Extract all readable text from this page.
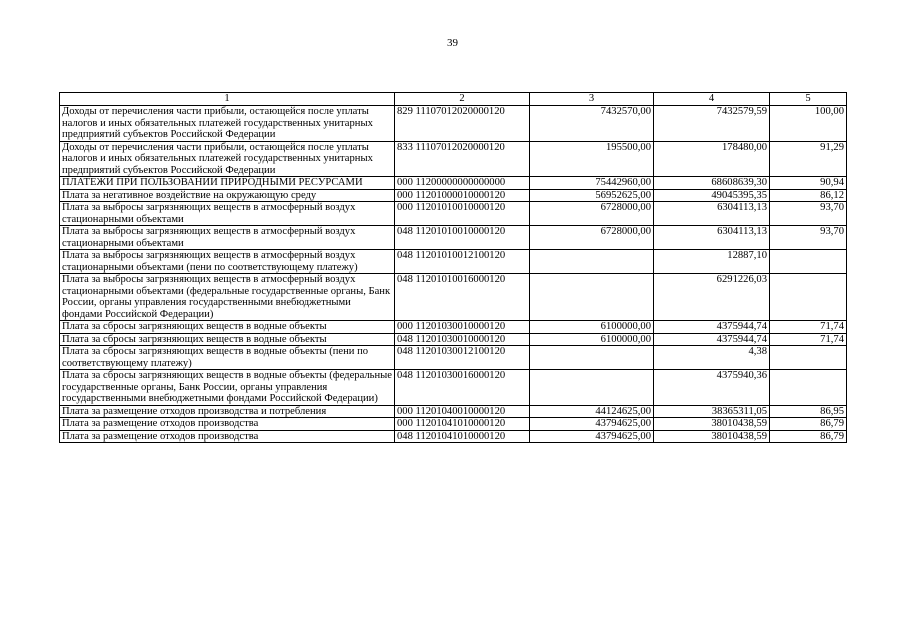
39
1	2	3	4	5
Доходы от перечисления части прибыли, остающейся после уплаты налогов и иных обязательных платежей государственных унитарных предприятий субъектов Российской Федерации	829 11107012020000120	7432570,00	7432579,59	100,00
Доходы от перечисления части прибыли, остающейся после уплаты налогов и иных обязательных платежей государственных унитарных предприятий субъектов Российской Федерации	833 11107012020000120	195500,00	178480,00	91,29
ПЛАТЕЖИ ПРИ ПОЛЬЗОВАНИИ ПРИРОДНЫМИ РЕСУРСАМИ	000 11200000000000000	75442960,00	68608639,30	90,94
Плата за негативное воздействие на окружающую среду	000 11201000010000120	56952625,00	49045395,35	86,12
Плата за выбросы загрязняющих веществ в атмосферный воздух стационарными объектами	000 11201010010000120	6728000,00	6304113,13	93,70
Плата за выбросы загрязняющих веществ в атмосферный воздух стационарными объектами	048 11201010010000120	6728000,00	6304113,13	93,70
Плата за выбросы загрязняющих веществ в атмосферный воздух стационарными объектами (пени по соответствующему платежу)	048 11201010012100120		12887,10	
Плата за выбросы загрязняющих веществ в атмосферный воздух стационарными объектами (федеральные государственные органы, Банк России, органы управления государственными внебюджетными фондами Российской Федерации)	048 11201010016000120		6291226,03	
Плата за сбросы загрязняющих веществ в водные объекты	000 11201030010000120	6100000,00	4375944,74	71,74
Плата за сбросы загрязняющих веществ в водные объекты	048 11201030010000120	6100000,00	4375944,74	71,74
Плата за сбросы загрязняющих веществ в водные объекты (пени по соответствующему платежу)	048 11201030012100120		4,38	
Плата за сбросы загрязняющих веществ в водные объекты (федеральные государственные органы, Банк России, органы управления государственными внебюджетными фондами Российской Федерации)	048 11201030016000120		4375940,36	
Плата за размещение отходов производства и потребления	000 11201040010000120	44124625,00	38365311,05	86,95
Плата за размещение отходов производства	000 11201041010000120	43794625,00	38010438,59	86,79
Плата за размещение отходов производства	048 11201041010000120	43794625,00	38010438,59	86,79
